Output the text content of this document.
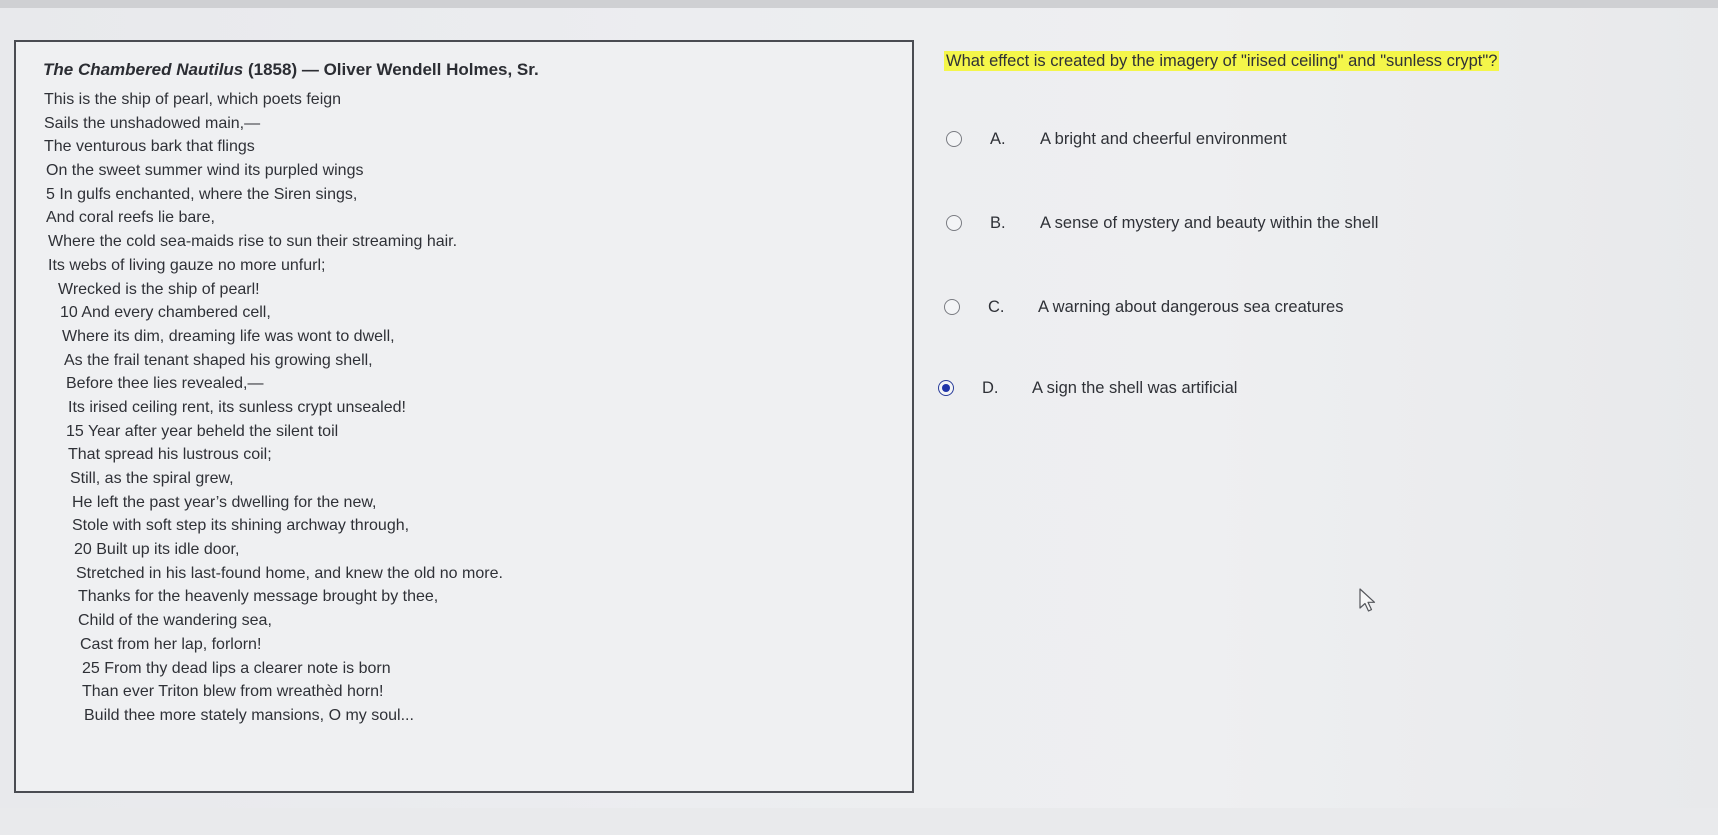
The Chambered Nautilus (1858) — Oliver Wendell Holmes, Sr.
This is the ship of pearl, which poets feign
Sails the unshadowed main,—
The venturous bark that flings
On the sweet summer wind its purpled wings
5 In gulfs enchanted, where the Siren sings,
And coral reefs lie bare,
Where the cold sea-maids rise to sun their streaming hair.
Its webs of living gauze no more unfurl;
Wrecked is the ship of pearl!
10 And every chambered cell,
Where its dim, dreaming life was wont to dwell,
As the frail tenant shaped his growing shell,
Before thee lies revealed,—
Its irised ceiling rent, its sunless crypt unsealed!
15 Year after year beheld the silent toil
That spread his lustrous coil;
Still, as the spiral grew,
He left the past year’s dwelling for the new,
Stole with soft step its shining archway through,
20 Built up its idle door,
Stretched in his last-found home, and knew the old no more.
Thanks for the heavenly message brought by thee,
Child of the wandering sea,
Cast from her lap, forlorn!
25 From thy dead lips a clearer note is born
Than ever Triton blew from wreathèd horn!
Build thee more stately mansions, O my soul...
What effect is created by the imagery of "irised ceiling" and "sunless crypt"?
A.	A bright and cheerful environment
B.	A sense of mystery and beauty within the shell
C.	A warning about dangerous sea creatures
D.	A sign the shell was artificial
